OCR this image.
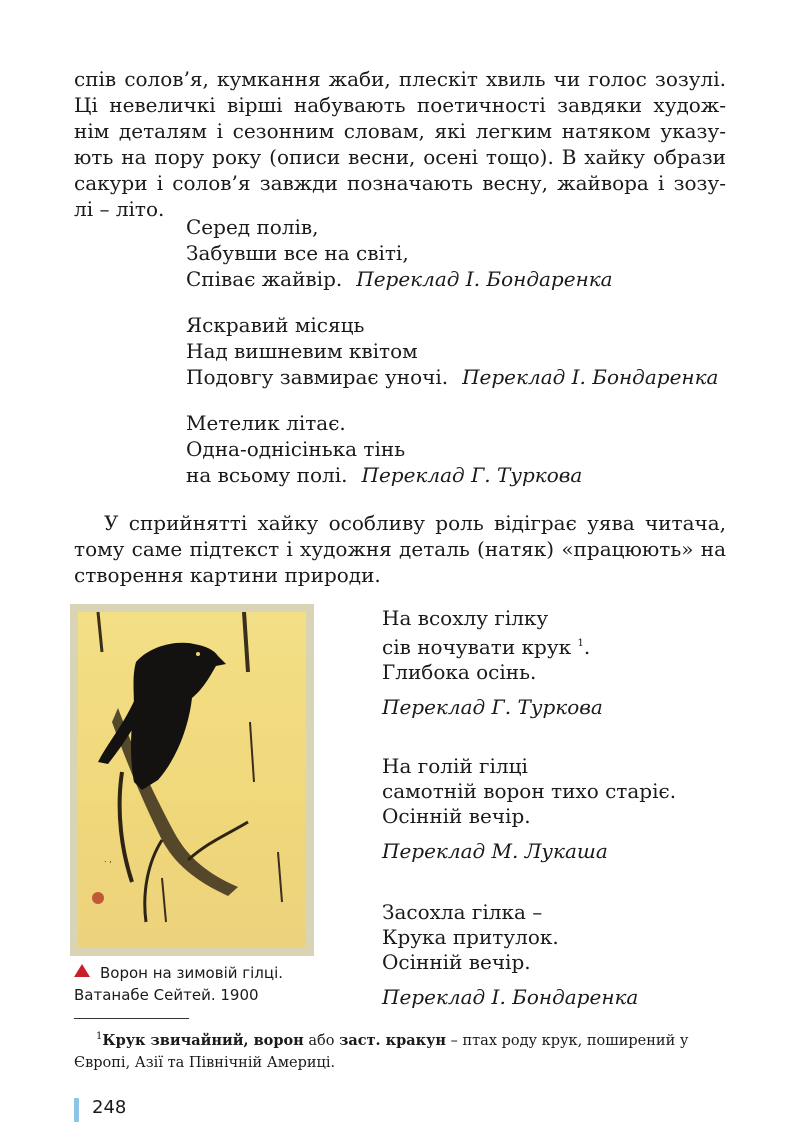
спів солов’я, кумкання жаби, плескіт хвиль чи голос зозулі.
Ці невеличкі вірші набувають поетичності завдяки худож-
нім деталям і сезонним словам, які легким натяком указу-
ють на пору року (описи весни, осені тощо). В хайку образи
сакури і солов’я завжди позначають весну, жайвора і зозу-
лі – літо.

Серед полів,
Забувши все на світі,
Співає жайвір. Переклад І. Бондаренка
Яскравий місяць
Над вишневим квітом
Подовгу завмирає уночі. Переклад І. Бондаренка
Метелик літає.
Одна-однісінька тінь
на всьому полі. Переклад Г. Туркова

У сприйнятті хайку особливу роль відіграє уява читача,
тому саме підтекст і художня деталь (натяк) «працюють» на
створення картини природи.

. ,
Ворон на зимовій гілці.
Ватанабе Сейтей. 1900
На всохлу гілку
сів ночувати крук $^1$.
Глибока осінь.
Переклад Г. Туркова
На голій гілці
самотній ворон тихо старіє.
Осінній вечір.
Переклад М. Лукаша
Засохла гілка –
Крука притулок.
Осінній вечір.
Переклад І. Бондаренка
$^1$Крук звичайний, ворон або заст. кракун – птах роду крук, поширений у
Європі, Азії та Північній Америці.
248
